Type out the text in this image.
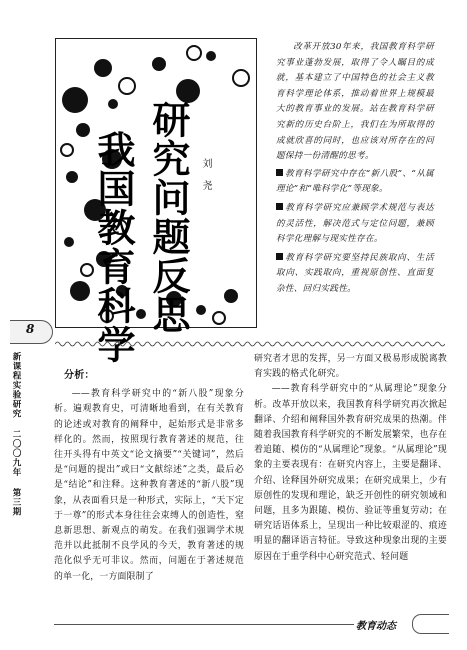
我国教育科学 研究问题反思 刘尧

改革开放30年来，我国教育科学研究事业蓬勃发展，取得了令人瞩目的成就，基本建立了中国特色的社会主义教育科学理论体系，推动着世界上规模最大的教育事业的发展。站在教育科学研究新的历史台阶上，我们在为所取得的成就欣喜的同时，也应该对所存在的问题保持一份清醒的思考。

教育科学研究中存在“新八股”、“从属理论”和“唯科学化”等现象。

教育科学研究应兼顾学术规范与表达的灵活性，解决范式与定位问题，兼顾科学化理解与现实性存在。

教育科学研究要坚持民族取向、生活取向、实践取向，重视原创性、直面复杂性、回归实践性。

8
新课程实验研究 二〇〇九年 第三期	分析：

——教育科学研究中的“新八股”现象分析。遍观教育史，可清晰地看到，在有关教育的论述或对教育的阐释中，起始形式是非常多样化的。然而，按照现行教育著述的规范，往往开头得有中英文“论文摘要”“关键词”，然后是“问题的提出”或曰“文献综述”之类，最后必是“结论”和注释。这种教育著述的“新八股”现象，从表面看只是一种形式，实际上，“天下定于一尊”的形式本身往往会束缚人的创造性，窒息新思想、新观点的萌发。在我们强调学术规范并以此抵制不良学风的今天，教育著述的规范化似乎无可非议。然而，问题在于著述规范的单一化，一方面限制了

研究者才思的发挥，另一方面又极易形成脱离教育实践的格式化研究。

——教育科学研究中的“从属理论”现象分析。改革开放以来，我国教育科学研究再次掀起翻译、介绍和阐释国外教育研究成果的热潮。伴随着我国教育科学研究的不断发展繁荣，也存在着追随、模仿的“从属理论”现象。“从属理论”现象的主要表现有：在研究内容上，主要是翻译、介绍、诠释国外研究成果；在研究成果上，少有原创性的发现和理论，缺乏开创性的研究领域和问题，且多为跟随、模仿、验证等重复劳动；在研究话语体系上，呈现出一种比较艰涩的、痕迹明显的翻译语言特征。导致这种现象出现的主要原因在于重学科中心研究范式、轻问题

教育动态
